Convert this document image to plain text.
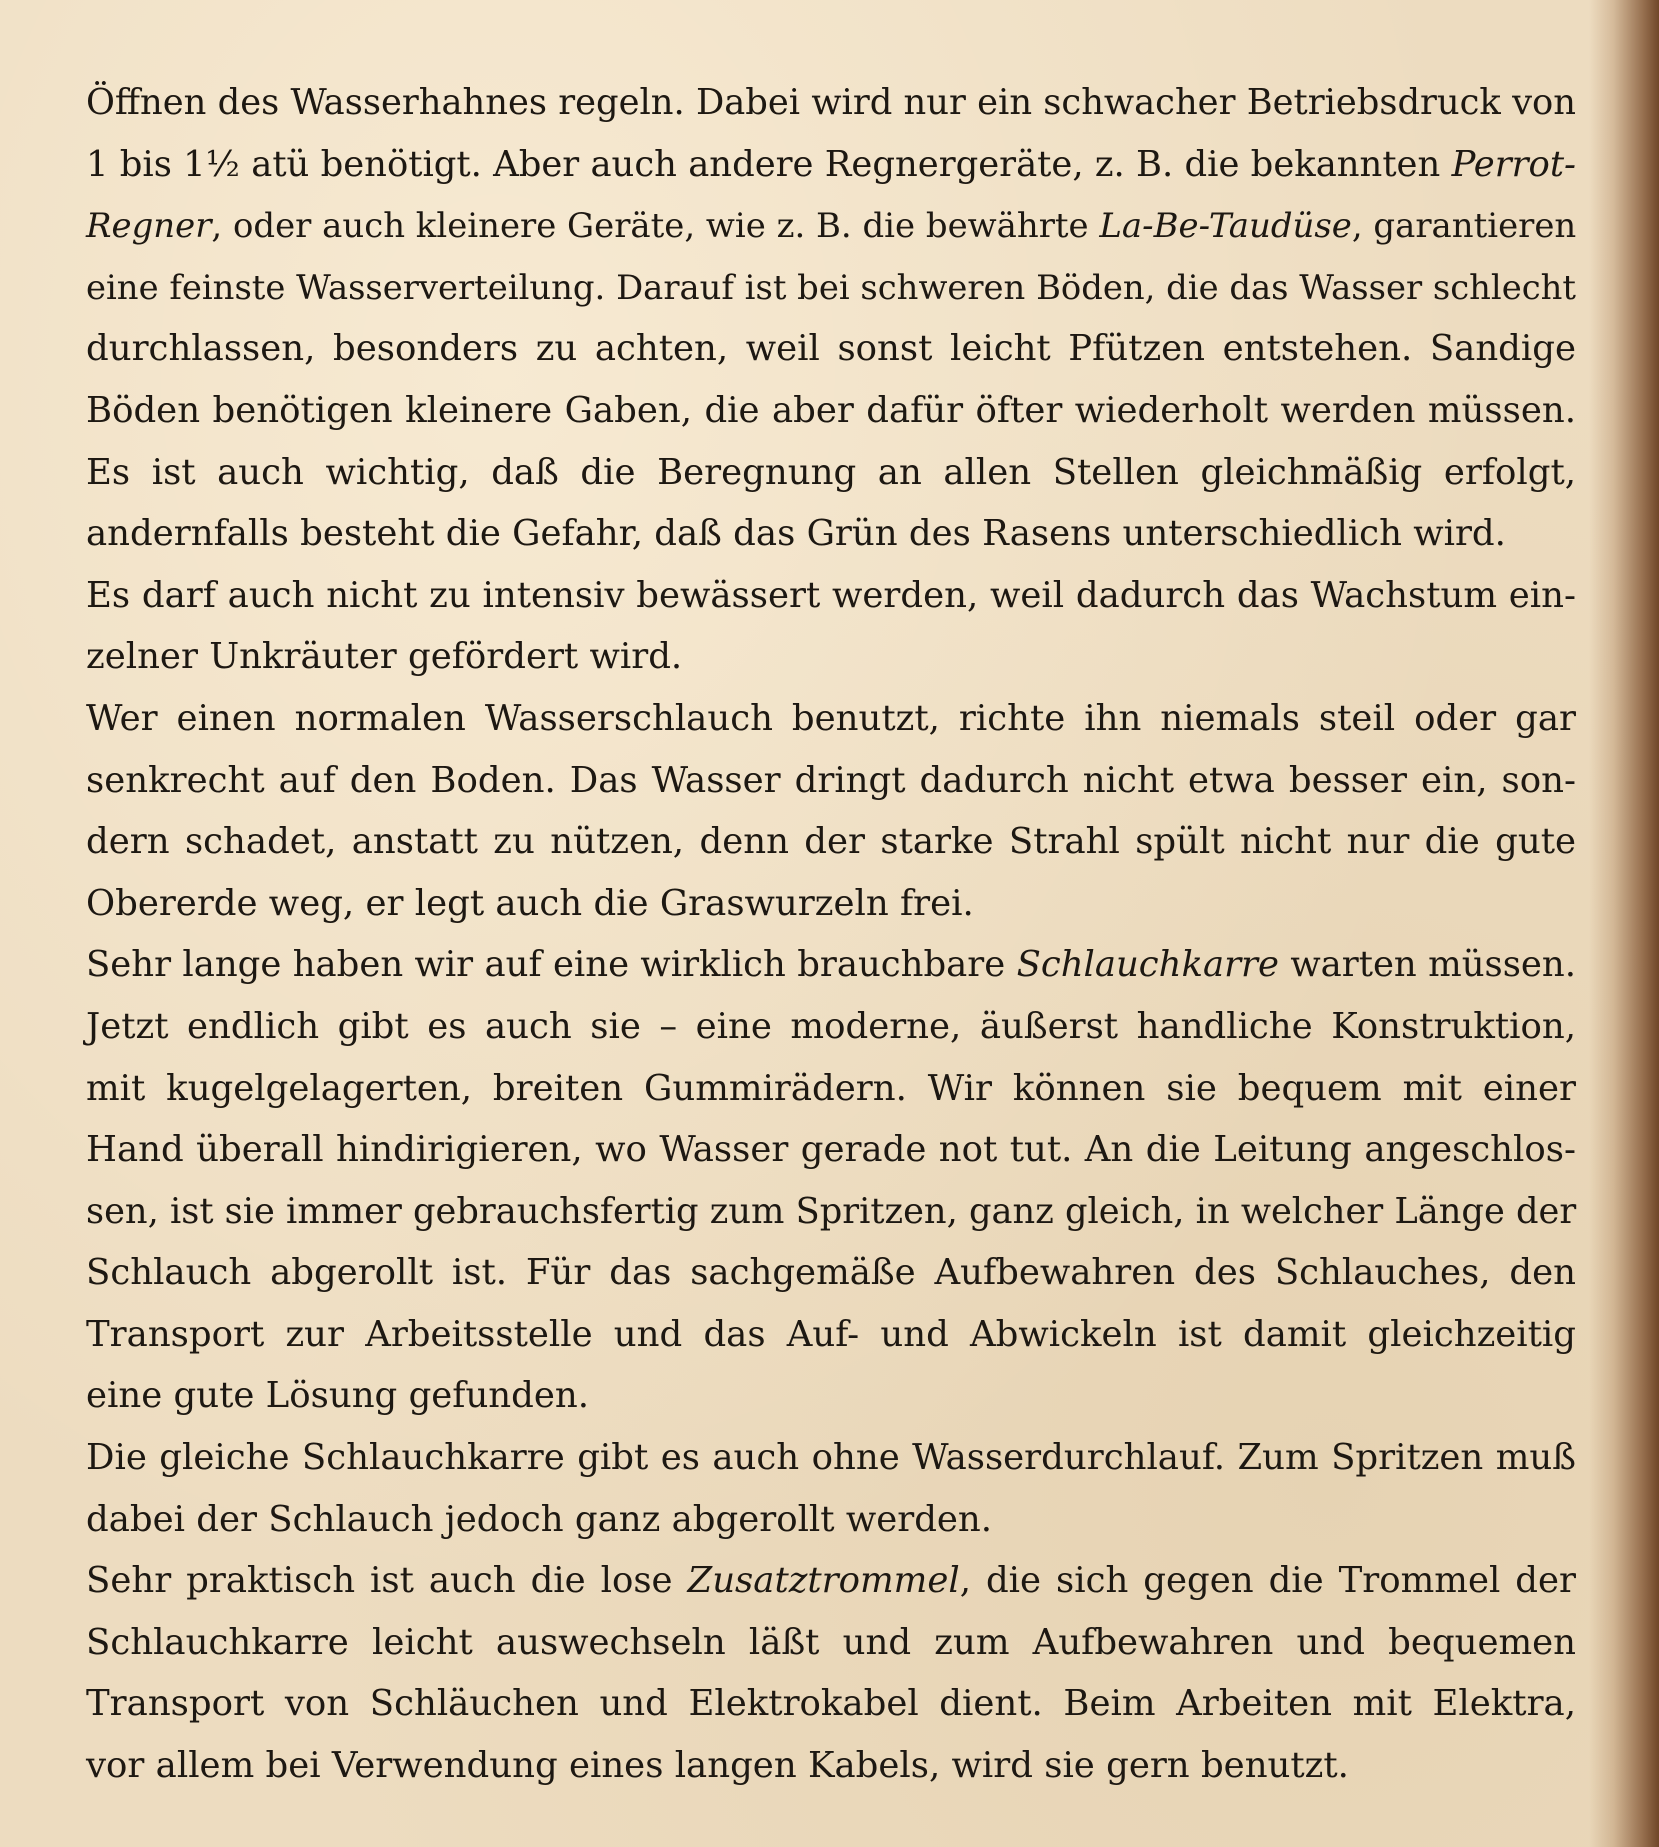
Öffnen des Wasserhahnes regeln. Dabei wird nur ein schwacher Betriebsdruck von
1 bis 1½ atü benötigt. Aber auch andere Regnergeräte, z. B. die bekannten Perrot-
Regner, oder auch kleinere Geräte, wie z. B. die bewährte La-Be-Taudüse, garantieren
eine feinste Wasserverteilung. Darauf ist bei schweren Böden, die das Wasser schlecht
durchlassen, besonders zu achten, weil sonst leicht Pfützen entstehen. Sandige
Böden benötigen kleinere Gaben, die aber dafür öfter wiederholt werden müssen.
Es ist auch wichtig, daß die Beregnung an allen Stellen gleichmäßig erfolgt,
andernfalls besteht die Gefahr, daß das Grün des Rasens unterschiedlich wird.
Es darf auch nicht zu intensiv bewässert werden, weil dadurch das Wachstum ein-
zelner Unkräuter gefördert wird.
Wer einen normalen Wasserschlauch benutzt, richte ihn niemals steil oder gar
senkrecht auf den Boden. Das Wasser dringt dadurch nicht etwa besser ein, son-
dern schadet, anstatt zu nützen, denn der starke Strahl spült nicht nur die gute
Obererde weg, er legt auch die Graswurzeln frei.
Sehr lange haben wir auf eine wirklich brauchbare Schlauchkarre warten müssen.
Jetzt endlich gibt es auch sie – eine moderne, äußerst handliche Konstruktion,
mit kugelgelagerten, breiten Gummirädern. Wir können sie bequem mit einer
Hand überall hindirigieren, wo Wasser gerade not tut. An die Leitung angeschlos-
sen, ist sie immer gebrauchsfertig zum Spritzen, ganz gleich, in welcher Länge der
Schlauch abgerollt ist. Für das sachgemäße Aufbewahren des Schlauches, den
Transport zur Arbeitsstelle und das Auf- und Abwickeln ist damit gleichzeitig
eine gute Lösung gefunden.
Die gleiche Schlauchkarre gibt es auch ohne Wasserdurchlauf. Zum Spritzen muß
dabei der Schlauch jedoch ganz abgerollt werden.
Sehr praktisch ist auch die lose Zusatztrommel, die sich gegen die Trommel der
Schlauchkarre leicht auswechseln läßt und zum Aufbewahren und bequemen
Transport von Schläuchen und Elektrokabel dient. Beim Arbeiten mit Elektra,
vor allem bei Verwendung eines langen Kabels, wird sie gern benutzt.
